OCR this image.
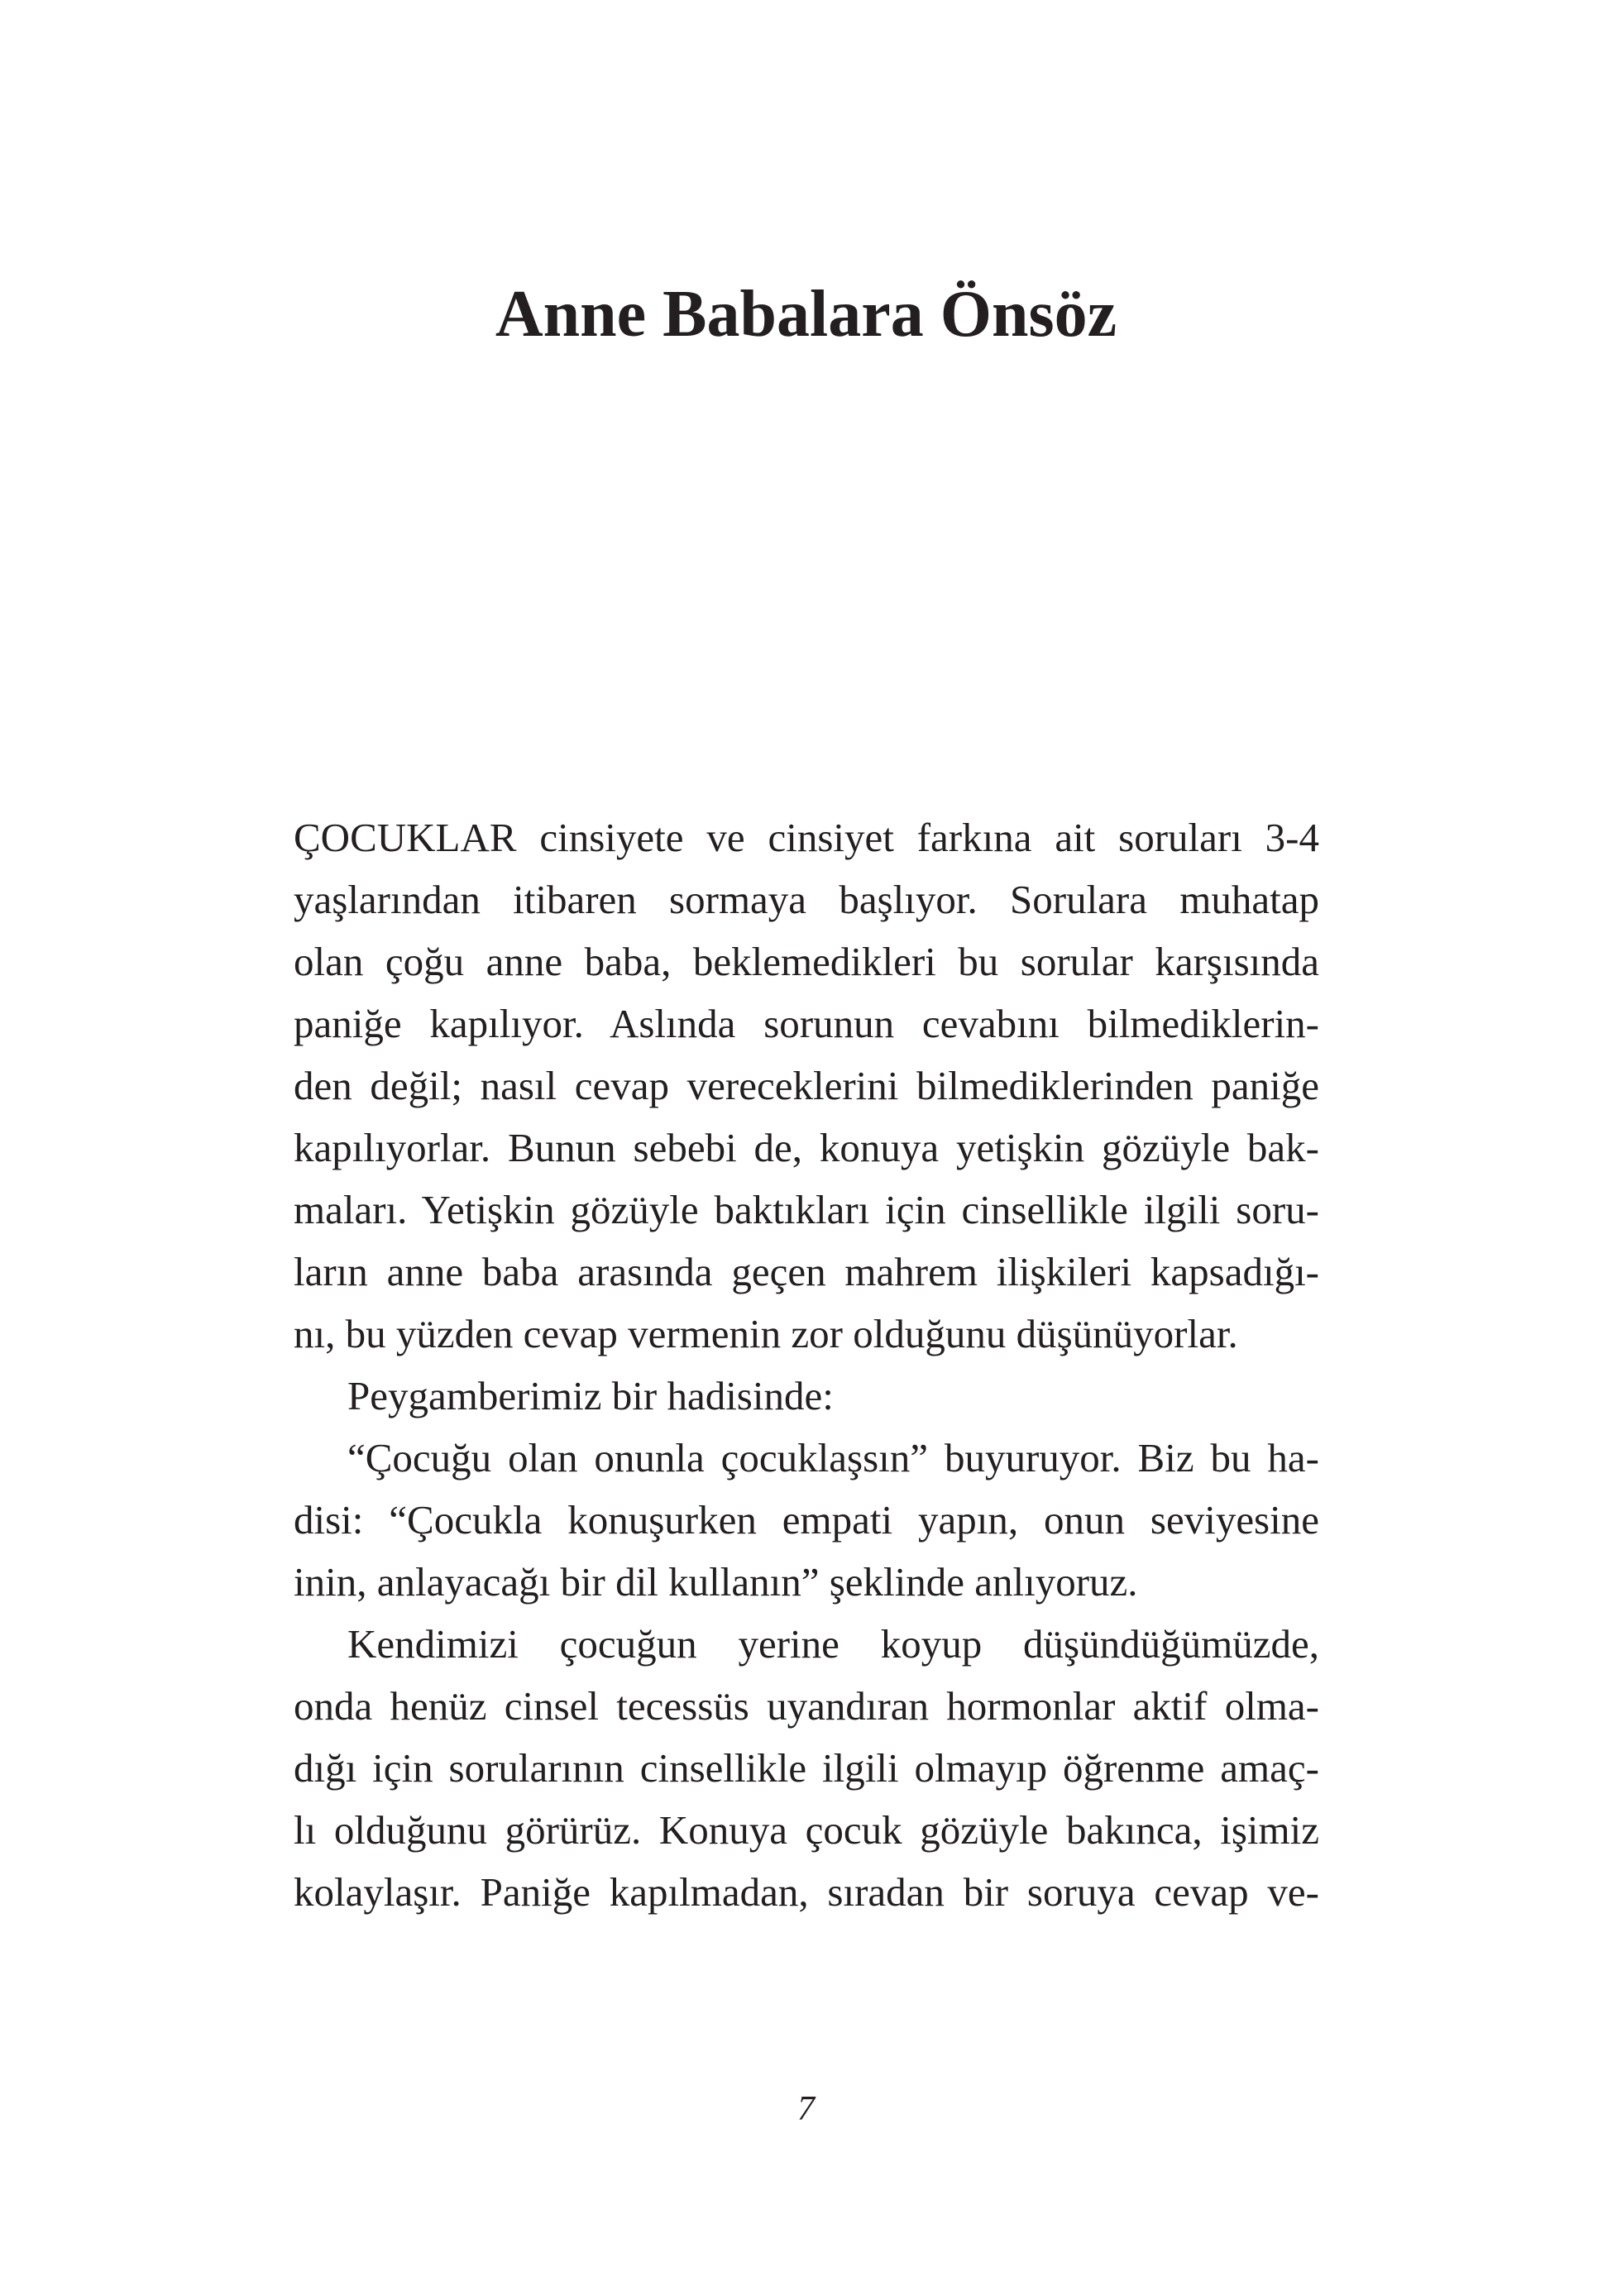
Anne Babalara Önsöz

ÇOCUKLAR cinsiyete ve cinsiyet farkına ait soruları 3-4
yaşlarından itibaren sormaya başlıyor. Sorulara muhatap
olan çoğu anne baba, beklemedikleri bu sorular karşısında
paniğe kapılıyor. Aslında sorunun cevabını bilmediklerin-
den değil; nasıl cevap vereceklerini bilmediklerinden paniğe
kapılıyorlar. Bunun sebebi de, konuya yetişkin gözüyle bak-
maları. Yetişkin gözüyle baktıkları için cinsellikle ilgili soru-
ların anne baba arasında geçen mahrem ilişkileri kapsadığı-
nı, bu yüzden cevap vermenin zor olduğunu düşünüyorlar.

Peygamberimiz bir hadisinde:

“Çocuğu olan onunla çocuklaşsın” buyuruyor. Biz bu ha-
disi: “Çocukla konuşurken empati yapın, onun seviyesine
inin, anlayacağı bir dil kullanın” şeklinde anlıyoruz.

Kendimizi çocuğun yerine koyup düşündüğümüzde,
onda henüz cinsel tecessüs uyandıran hormonlar aktif olma-
dığı için sorularının cinsellikle ilgili olmayıp öğrenme amaç-
lı olduğunu görürüz. Konuya çocuk gözüyle bakınca, işimiz
kolaylaşır. Paniğe kapılmadan, sıradan bir soruya cevap ve-

7
